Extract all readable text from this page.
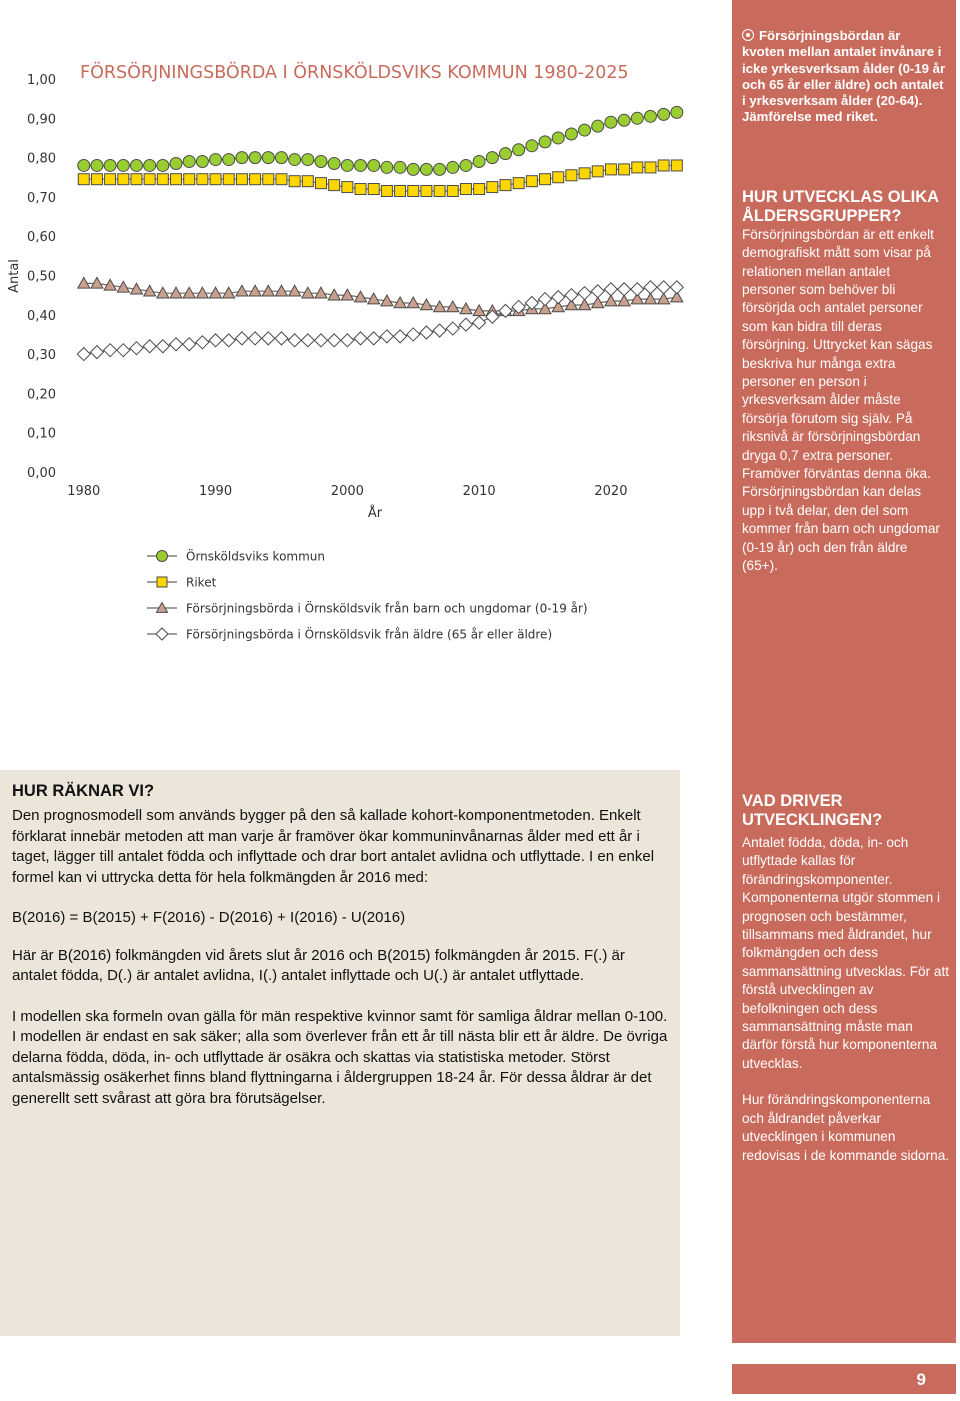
Försörjningsbördan är kvoten mellan antalet invånare i icke yrkesverksam ålder (0-19 år och 65 år eller äldre) och antalet i yrkesverksam ålder (20-64). Jämförelse med riket.
HUR UTVECKLAS OLIKA ÅLDERSGRUPPER?
Försörjningsbördan är ett enkelt demografiskt mått som visar på relationen mellan antalet personer som behöver bli försörjda och antalet personer som kan bidra till deras försörjning. Uttrycket kan sägas beskriva hur många extra personer en person i yrkesverksam ålder måste försörja förutom sig själv. På riksnivå är försörjningsbördan dryga 0,7 extra personer. Framöver förväntas denna öka. Försörjningsbördan kan delas upp i två delar, den del som kommer från barn och ungdomar (0-19 år) och den från äldre (65+).
9
FÖRSÖRJNINGSBÖRDA I ÖRNSKÖLDSVIKS KOMMUN 1980-2025
0,00
0,10
0,20
0,30
0,40
0,50
0,60
0,70
0,80
0,90
1,00
1980	1990	2000	2010	2020
År
Antal
Örnsköldsviks kommun
Riket
Försörjningsbörda i Örnsköldsvik från barn och ungdomar (0-19 år)
Försörjningsbörda i Örnsköldsvik från äldre (65 år eller äldre)
HUR RÄKNAR VI?

Den prognosmodell som används bygger på den så kallade kohort-komponentmetoden. Enkelt förklarat innebär metoden att man varje år framöver ökar kommuninvånarnas ålder med ett år i taget, lägger till antalet födda och inflyttade och drar bort antalet avlidna och utflyttade. I en enkel formel kan vi uttrycka detta för hela folkmängden år 2016 med:

B(2016) = B(2015) + F(2016) - D(2016) + I(2016) - U(2016)

Här är B(2016) folkmängden vid årets slut år 2016 och B(2015) folkmängden år 2015. F(.) är antalet födda, D(.) är antalet avlidna, I(.) antalet inflyttade och U(.) är antalet utflyttade.

I modellen ska formeln ovan gälla för män respektive kvinnor samt för samliga åldrar mellan 0-100. I modellen är endast en sak säker; alla som överlever från ett år till nästa blir ett år äldre. De övriga delarna födda, döda, in- och utflyttade är osäkra och skattas via statistiska metoder. Störst antalsmässig osäkerhet finns bland flyttningarna i åldergruppen 18-24 år. För dessa åldrar är det generellt sett svårast att göra bra förutsägelser.

VAD DRIVER UTVECKLINGEN?

Antalet födda, döda, in- och utflyttade kallas för förändringskomponenter. Komponenterna utgör stommen i prognosen och bestämmer, tillsammans med åldrandet, hur folkmängden och dess sammansättning utvecklas. För att förstå utvecklingen av befolkningen och dess sammansättning måste man därför förstå hur komponenterna utvecklas.

Hur förändringskomponenterna och åldrandet påverkar utvecklingen i kommunen redovisas i de kommande sidorna.
